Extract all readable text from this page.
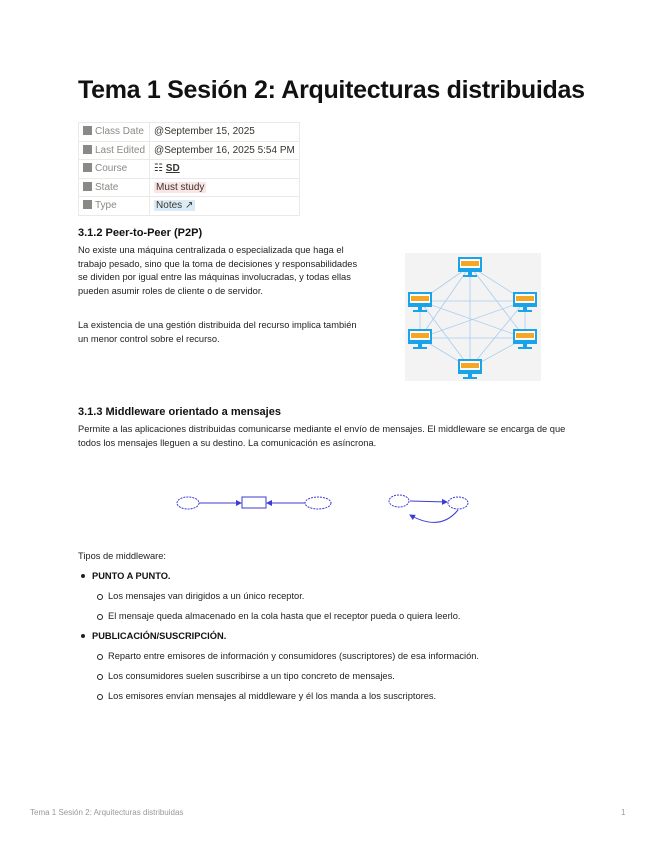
Tema 1 Sesión 2: Arquitecturas distribuidas
Class Date	@September 15, 2025
Last Edited	@September 16, 2025 5:54 PM
Course	☷ SD
State	Must study
Type	Notes ↗
3.1.2 Peer-to-Peer (P2P)

No existe una máquina centralizada o especializada que haga el trabajo pesado, sino que la toma de decisiones y responsabilidades se dividen por igual entre las máquinas involucradas, y todas ellas pueden asumir roles de cliente o de servidor.

La existencia de una gestión distribuida del recurso implica también un menor control sobre el recurso.

3.1.3 Middleware orientado a mensajes

Permite a las aplicaciones distribuidas comunicarse mediante el envío de mensajes. El middleware se encarga de que todos los mensajes lleguen a su destino. La comunicación es asíncrona.

Tipos de middleware:

PUNTO A PUNTO.
Los mensajes van dirigidos a un único receptor.
El mensaje queda almacenado en la cola hasta que el receptor pueda o quiera leerlo.
PUBLICACIÓN/SUSCRIPCIÓN.
Reparto entre emisores de información y consumidores (suscriptores) de esa información.
Los consumidores suelen suscribirse a un tipo concreto de mensajes.
Los emisores envían mensajes al middleware y él los manda a los suscriptores.
Tema 1 Sesión 2: Arquitecturas distribuidas	1
